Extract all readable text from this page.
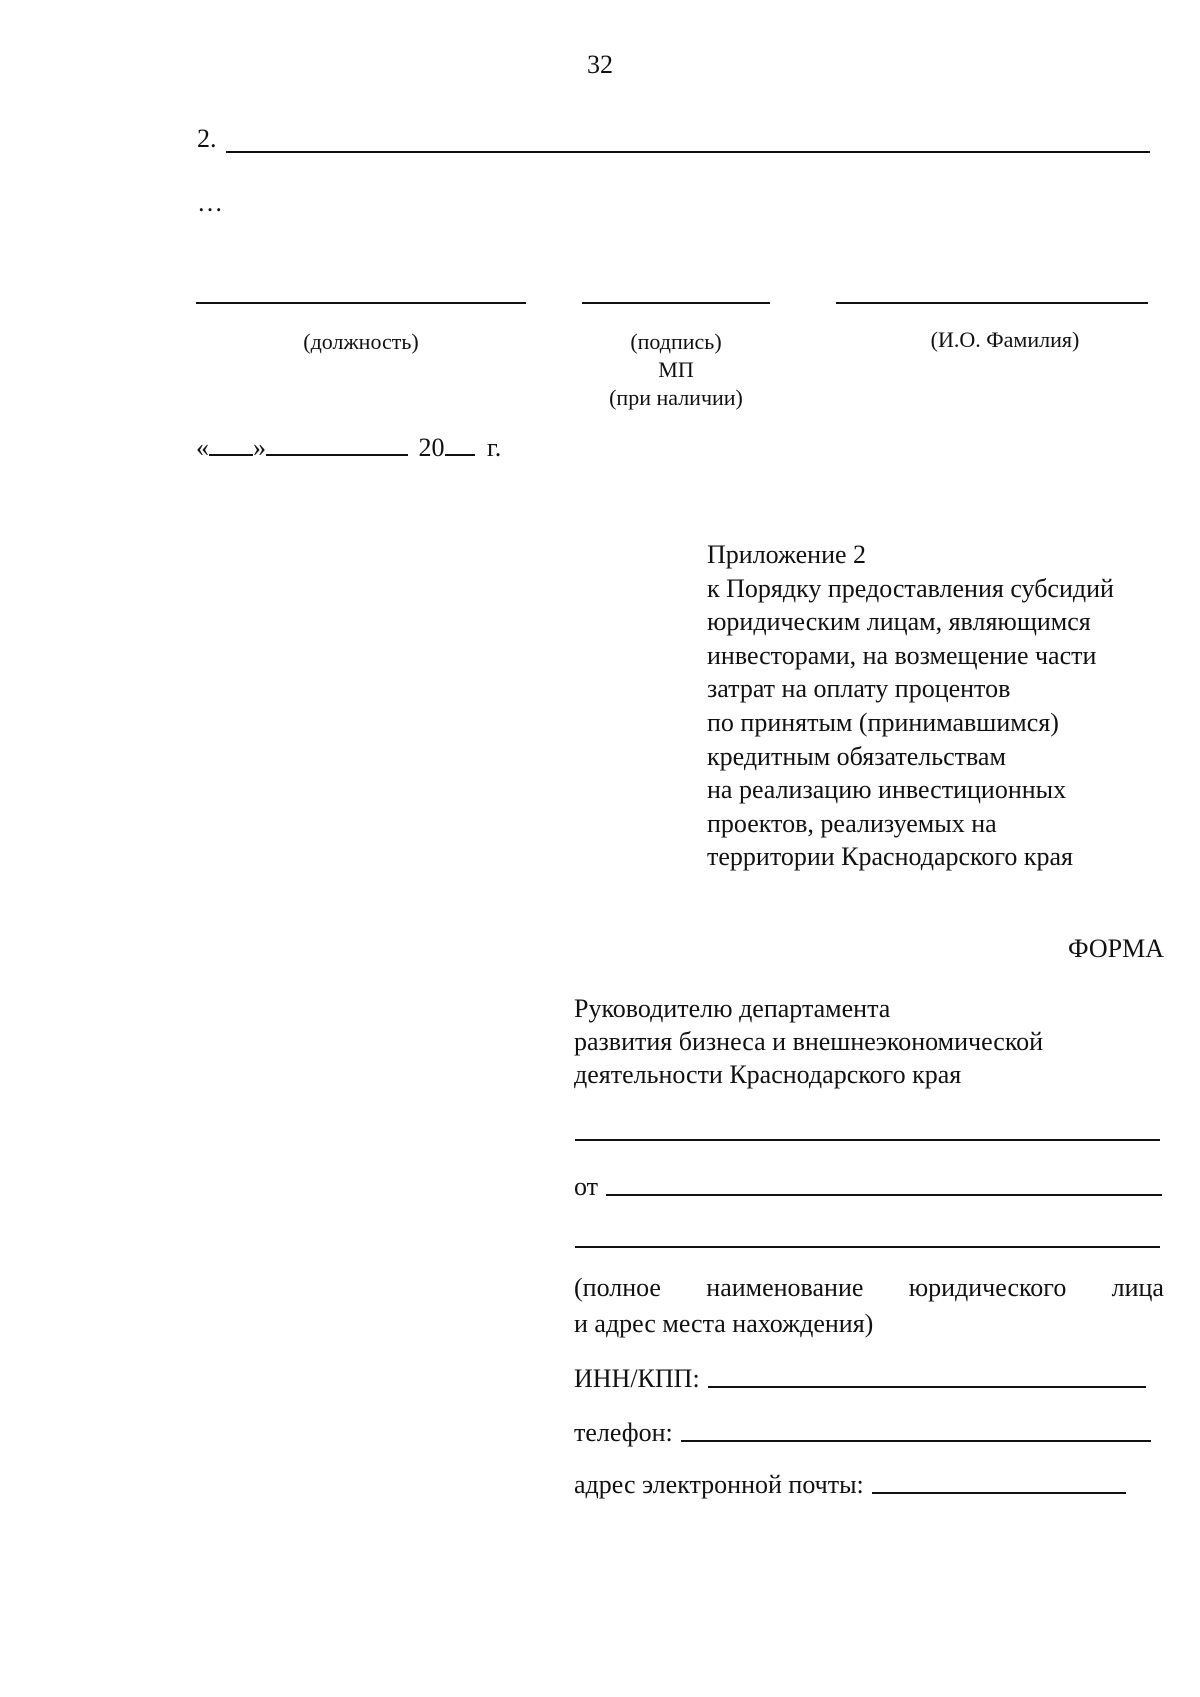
32
2.
…
(должность)	(подпись)
МП
(при наличии)
(И.О. Фамилия)
« »	20 г.
Приложение 2
к Порядку предоставления субсидий
юридическим лицам, являющимся
инвесторами, на возмещение части
затрат на оплату процентов
по принятым (принимавшимся)
кредитным обязательствам
на реализацию инвестиционных
проектов, реализуемых на
территории Краснодарского края
ФОРМА
Руководителю департамента
развития бизнеса и внешнеэкономической
деятельности Краснодарского края
от
(полное наименование юридического лица
и адрес места нахождения)
ИНН/КПП:
телефон:
адрес электронной почты:
